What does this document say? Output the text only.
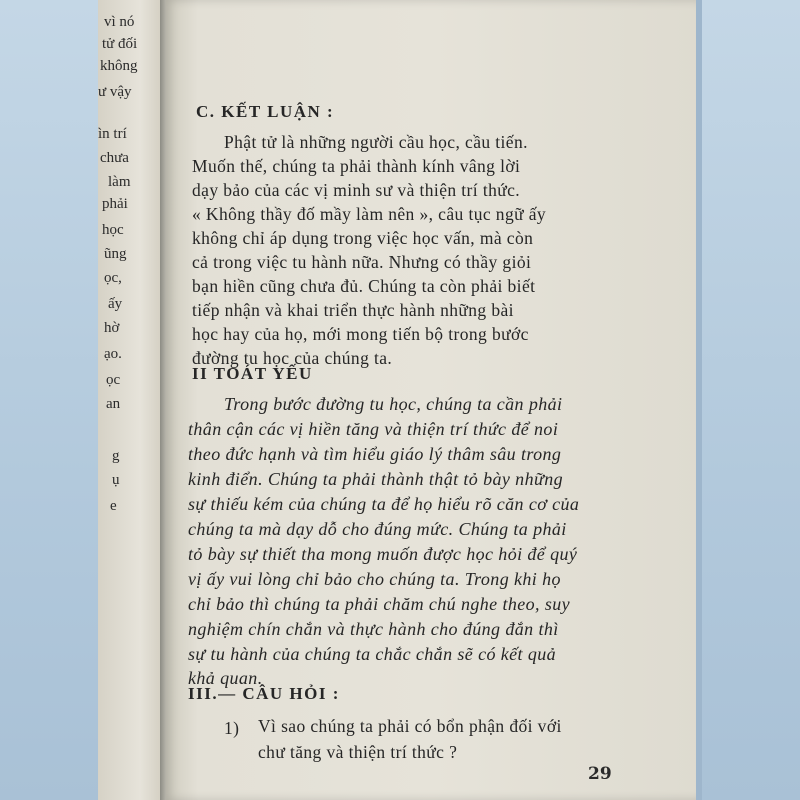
vì nó
tử đối
không
ư vậy
ìn trí
chưa
làm
phải
học
ũng
ọc,
ấy
hờ
ạo.
ọc
an
g
ụ
e
C. KẾT LUẬN :
Phật tử là những người cầu học, cầu tiến.
Muốn thế, chúng ta phải thành kính vâng lời
dạy bảo của các vị minh sư và thiện trí thức.
« Không thầy đố mầy làm nên », câu tục ngữ ấy
không chỉ áp dụng trong việc học vấn, mà còn
cả trong việc tu hành nữa. Nhưng có thầy giỏi
bạn hiền cũng chưa đủ. Chúng ta còn phải biết
tiếp nhận và khai triển thực hành những bài
học hay của họ, mới mong tiến bộ trong bước
đường tu học của chúng ta.
II TOÁT YẾU
Trong bước đường tu học, chúng ta cần phải
thân cận các vị hiền tăng và thiện trí thức để noi
theo đức hạnh và tìm hiểu giáo lý thâm sâu trong
kinh điển. Chúng ta phải thành thật tỏ bày những
sự thiếu kém của chúng ta để họ hiểu rõ căn cơ của
chúng ta mà dạy dỗ cho đúng mức. Chúng ta phải
tỏ bày sự thiết tha mong muốn được học hỏi để quý
vị ấy vui lòng chỉ bảo cho chúng ta. Trong khi họ
chỉ bảo thì chúng ta phải chăm chú nghe theo, suy
nghiệm chín chắn và thực hành cho đúng đắn thì
sự tu hành của chúng ta chắc chắn sẽ có kết quả
khả quan.
III.— CÂU HỎI :
1) Vì sao chúng ta phải có bổn phận đối với
chư tăng và thiện trí thức ?
29
